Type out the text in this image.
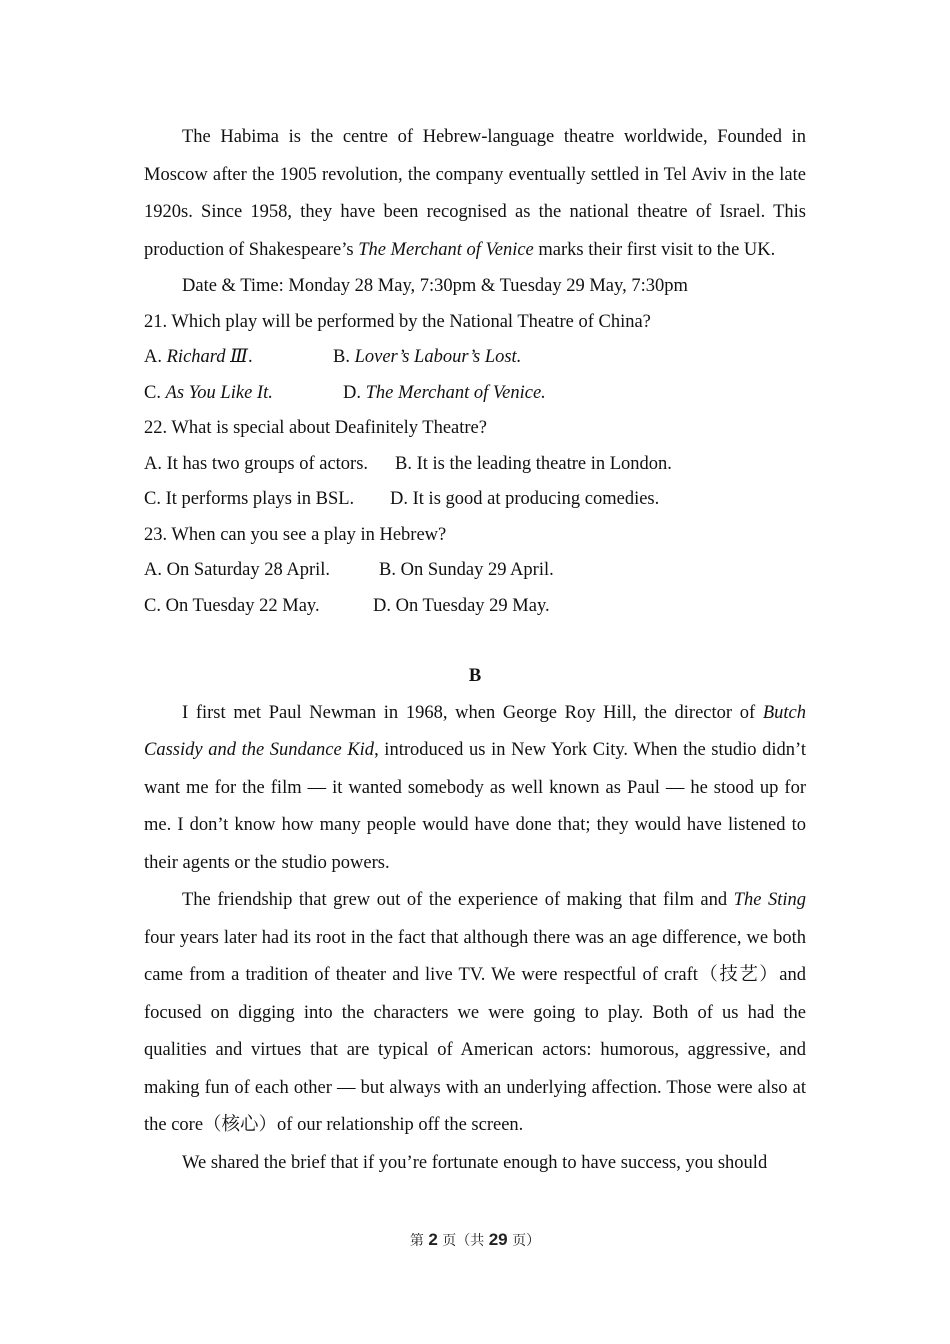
The Habima is the centre of Hebrew-language theatre worldwide, Founded in Moscow after the 1905 revolution, the company eventually settled in Tel Aviv in the late 1920s. Since 1958, they have been recognised as the national theatre of Israel. This production of Shakespeare’s The Merchant of Venice marks their first visit to the UK.

Date & Time: Monday 28 May, 7:30pm & Tuesday 29 May, 7:30pm

21. Which play will be performed by the National Theatre of China?

A. Richard Ⅲ.	B. Lover’s Labour’s Lost.

C. As You Like It.	D. The Merchant of Venice.

22. What is special about Deafinitely Theatre?

A. It has two groups of actors. B. It is the leading theatre in London.

C. It performs plays in BSL. D. It is good at producing comedies.

23. When can you see a play in Hebrew?

A. On Saturday 28 April.	B. On Sunday 29 April.

C. On Tuesday 22 May.	D. On Tuesday 29 May.

B

I first met Paul Newman in 1968, when George Roy Hill, the director of Butch Cassidy and the Sundance Kid, introduced us in New York City. When the studio didn’t want me for the film — it wanted somebody as well known as Paul — he stood up for me. I don’t know how many people would have done that; they would have listened to their agents or the studio powers.

The friendship that grew out of the experience of making that film and The Sting four years later had its root in the fact that although there was an age difference, we both came from a tradition of theater and live TV. We were respectful of craft（技艺）and focused on digging into the characters we were going to play. Both of us had the qualities and virtues that are typical of American actors: humorous, aggressive, and making fun of each other — but always with an underlying affection. Those were also at the core（核心）of our relationship off the screen.

We shared the brief that if you’re fortunate enough to have success, you should

第 2 页（共 29 页）
